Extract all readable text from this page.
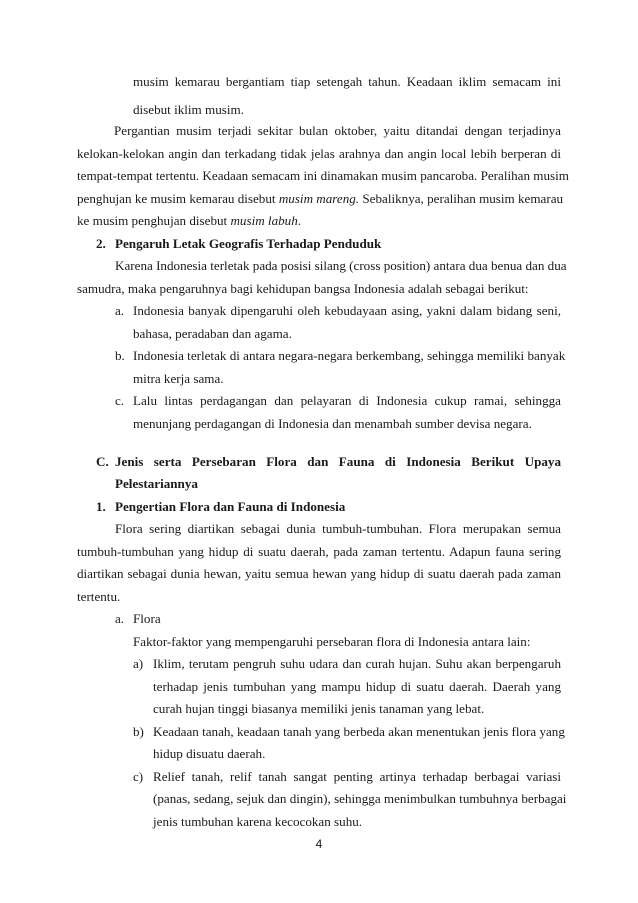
musim kemarau bergantiam tiap setengah tahun. Keadaan iklim semacam ini
disebut iklim musim.
Pergantian musim terjadi sekitar bulan oktober, yaitu ditandai dengan terjadinya
kelokan-kelokan angin dan terkadang tidak jelas arahnya dan angin local lebih berperan di
tempat-tempat tertentu. Keadaan semacam ini dinamakan musim pancaroba. Peralihan musim
penghujan ke musim kemarau disebut musim mareng. Sebaliknya, peralihan musim kemarau
ke musim penghujan disebut musim labuh.
2. Pengaruh Letak Geografis Terhadap Penduduk
Karena Indonesia terletak pada posisi silang (cross position) antara dua benua dan dua
samudra, maka pengaruhnya bagi kehidupan bangsa Indonesia adalah sebagai berikut:
a. Indonesia banyak dipengaruhi oleh kebudayaan asing, yakni dalam bidang seni,
bahasa, peradaban dan agama.
b. Indonesia terletak di antara negara-negara berkembang, sehingga memiliki banyak
mitra kerja sama.
c. Lalu lintas perdagangan dan pelayaran di Indonesia cukup ramai, sehingga
menunjang perdagangan di Indonesia dan menambah sumber devisa negara.
C. Jenis serta Persebaran Flora dan Fauna di Indonesia Berikut Upaya
Pelestariannya
1. Pengertian Flora dan Fauna di Indonesia
Flora sering diartikan sebagai dunia tumbuh-tumbuhan. Flora merupakan semua
tumbuh-tumbuhan yang hidup di suatu daerah, pada zaman tertentu. Adapun fauna sering
diartikan sebagai dunia hewan, yaitu semua hewan yang hidup di suatu daerah pada zaman
tertentu.
a. Flora
Faktor-faktor yang mempengaruhi persebaran flora di Indonesia antara lain:
a) Iklim, terutam pengruh suhu udara dan curah hujan. Suhu akan berpengaruh
terhadap jenis tumbuhan yang mampu hidup di suatu daerah. Daerah yang
curah hujan tinggi biasanya memiliki jenis tanaman yang lebat.
b) Keadaan tanah, keadaan tanah yang berbeda akan menentukan jenis flora yang
hidup disuatu daerah.
c) Relief tanah, relif tanah sangat penting artinya terhadap berbagai variasi
(panas, sedang, sejuk dan dingin), sehingga menimbulkan tumbuhnya berbagai
jenis tumbuhan karena kecocokan suhu.
4
